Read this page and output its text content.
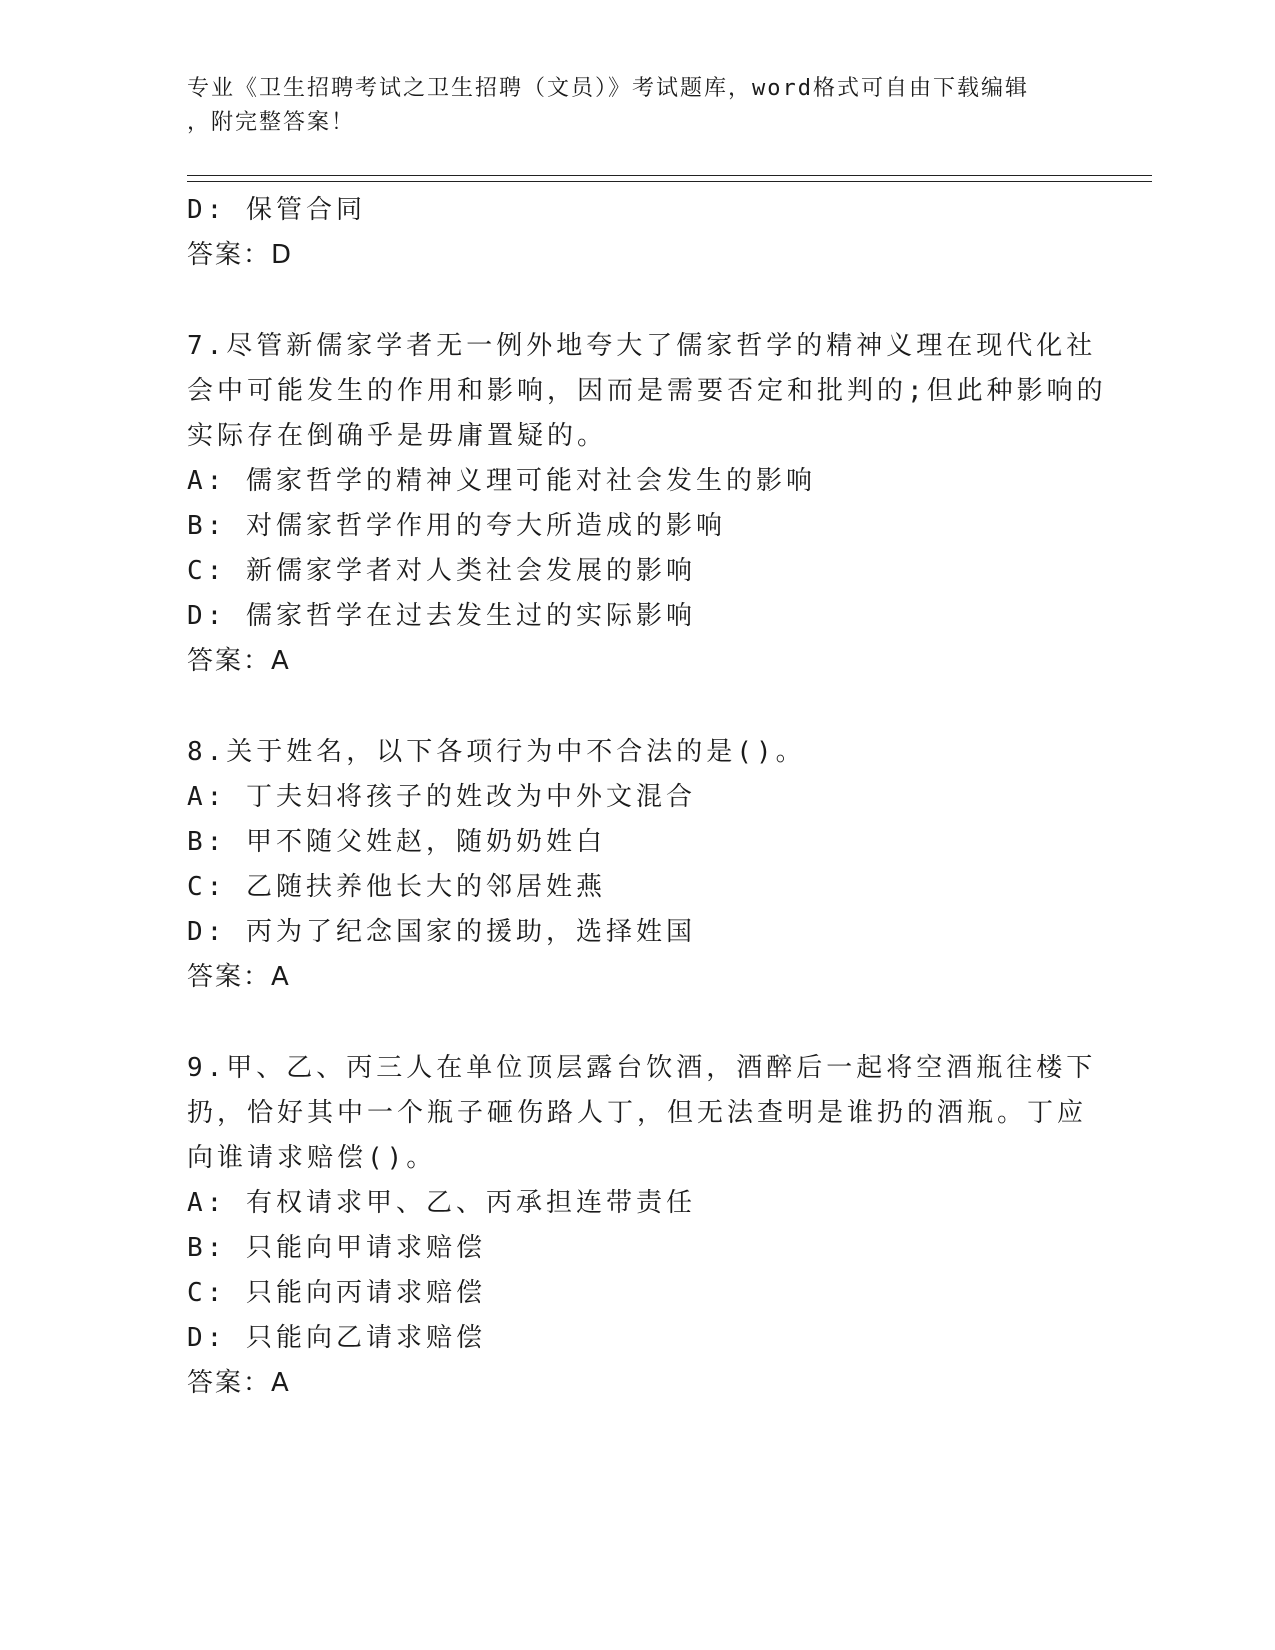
专业《卫生招聘考试之卫生招聘（文员）》考试题库，word格式可自由下载编辑
，附完整答案！
D: 保管合同
答案：D
7.尽管新儒家学者无一例外地夸大了儒家哲学的精神义理在现代化社
会中可能发生的作用和影响，因而是需要否定和批判的;但此种影响的
实际存在倒确乎是毋庸置疑的。
A: 儒家哲学的精神义理可能对社会发生的影响
B: 对儒家哲学作用的夸大所造成的影响
C: 新儒家学者对人类社会发展的影响
D: 儒家哲学在过去发生过的实际影响
答案：A
8.关于姓名，以下各项行为中不合法的是()。
A: 丁夫妇将孩子的姓改为中外文混合
B: 甲不随父姓赵，随奶奶姓白
C: 乙随扶养他长大的邻居姓燕
D: 丙为了纪念国家的援助，选择姓国
答案：A
9.甲、乙、丙三人在单位顶层露台饮酒，酒醉后一起将空酒瓶往楼下
扔，恰好其中一个瓶子砸伤路人丁，但无法查明是谁扔的酒瓶。丁应
向谁请求赔偿()。
A: 有权请求甲、乙、丙承担连带责任
B: 只能向甲请求赔偿
C: 只能向丙请求赔偿
D: 只能向乙请求赔偿
答案：A
